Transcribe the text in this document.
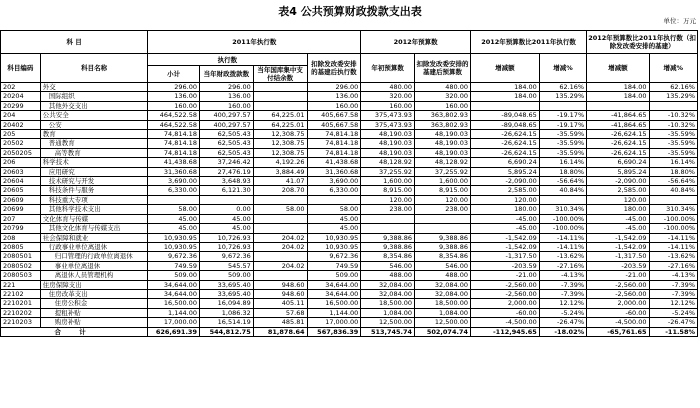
表4 公共预算财政拨款支出表
单位：万元
科 目		2011年执行数				2012年预算数		2012年预算数比2011年执行数		2012年预算数比2011年执行数（扣除发改委安排的基建）	
科目编码	科目名称	执行数			扣除发改委安排的基建后执行数	年初预算数	扣除发改委安排的基建后预算数	增减额	增减%	增减额	增减%
		小计	当年财政拨款数	当年国库集中支付结余数							

202	外交	296.00	296.00		296.00	480.00	480.00	184.00	62.16%	184.00	62.16%
20204	国际组织	136.00	136.00		136.00	320.00	320.00	184.00	135.29%	184.00	135.29%
20299	其他外交支出	160.00	160.00		160.00	160.00	160.00				
204	公共安全	464,522.58	400,297.57	64,225.01	405,667.58	375,473.93	363,802.93	-89,048.65	-19.17%	-41,864.65	-10.32%
20402	公安	464,522.58	400,297.57	64,225.01	405,667.58	375,473.93	363,802.93	-89,048.65	-19.17%	-41,864.65	-10.32%
205	教育	74,814.18	62,505.43	12,308.75	74,814.18	48,190.03	48,190.03	-26,624.15	-35.59%	-26,624.15	-35.59%
20502	普通教育	74,814.18	62,505.43	12,308.75	74,814.18	48,190.03	48,190.03	-26,624.15	-35.59%	-26,624.15	-35.59%
2050205	高等教育	74,814.18	62,505.43	12,308.75	74,814.18	48,190.03	48,190.03	-26,624.15	-35.59%	-26,624.15	-35.59%
206	科学技术	41,438.68	37,246.42	4,192.26	41,438.68	48,128.92	48,128.92	6,690.24	16.14%	6,690.24	16.14%
20603	应用研究	31,360.68	27,476.19	3,884.49	31,360.68	37,255.92	37,255.92	5,895.24	18.80%	5,895.24	18.80%
20604	技术研究与开发	3,690.00	3,648.93	41.07	3,690.00	1,600.00	1,600.00	-2,090.00	-56.64%	-2,090.00	-56.64%
20605	科技条件与服务	6,330.00	6,121.30	208.70	6,330.00	8,915.00	8,915.00	2,585.00	40.84%	2,585.00	40.84%
20609	科技重大专项					120.00	120.00	120.00		120.00	
20699	其他科学技术支出	58.00	0.00	58.00	58.00	238.00	238.00	180.00	310.34%	180.00	310.34%
207	文化体育与传媒	45.00	45.00		45.00			-45.00	-100.00%	-45.00	-100.00%
20799	其他文化体育与传媒支出	45.00	45.00		45.00			-45.00	-100.00%	-45.00	-100.00%
208	社会保障和就业	10,930.95	10,726.93	204.02	10,930.95	9,388.86	9,388.86	-1,542.09	-14.11%	-1,542.09	-14.11%
20805	行政事业单位离退休	10,930.95	10,726.93	204.02	10,930.95	9,388.86	9,388.86	-1,542.09	-14.11%	-1,542.09	-14.11%
2080501	归口管理的行政单位离退休	9,672.36	9,672.36		9,672.36	8,354.86	8,354.86	-1,317.50	-13.62%	-1,317.50	-13.62%
2080502	事业单位离退休	749.59	545.57	204.02	749.59	546.00	546.00	-203.59	-27.16%	-203.59	-27.16%
2080503	离退休人员管理机构	509.00	509.00		509.00	488.00	488.00	-21.00	-4.13%	-21.00	-4.13%
221	住房保障支出	34,644.00	33,695.40	948.60	34,644.00	32,084.00	32,084.00	-2,560.00	-7.39%	-2,560.00	-7.39%
22102	住房改革支出	34,644.00	33,695.40	948.60	34,644.00	32,084.00	32,084.00	-2,560.00	-7.39%	-2,560.00	-7.39%
2210201	住房公积金	16,500.00	16,094.89	405.11	16,500.00	18,500.00	18,500.00	2,000.00	12.12%	2,000.00	12.12%
2210202	提租补贴	1,144.00	1,086.32	57.68	1,144.00	1,084.00	1,084.00	-60.00	-5.24%	-60.00	-5.24%
2210203	购房补贴	17,000.00	16,514.19	485.81	17,000.00	12,500.00	12,500.00	-4,500.00	-26.47%	-4,500.00	-26.47%
合 计		626,691.39	544,812.75	81,878.64	567,836.39	513,745.74	502,074.74	-112,945.65	-18.02%	-65,761.65	-11.58%
